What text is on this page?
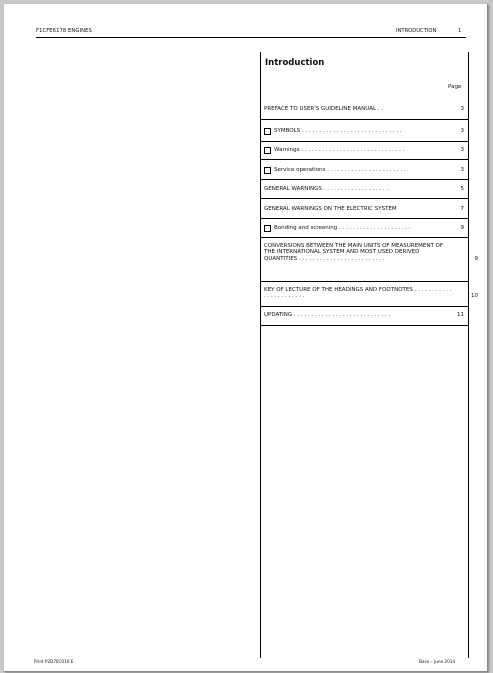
F1CFE6178 ENGINES	INTRODUCTION	1
Introduction
Page
PREFACE TO USER'S GUIDELINE MANUAL . .	3
SYMBOLS . . . . . . . . . . . . . . . . . . . . . . . . . . . . .	3
Warnings . . . . . . . . . . . . . . . . . . . . . . . . . . . . . .	3
Service operations . . . . . . . . . . . . . . . . . . . . . . .	3
GENERAL WARNINGS . . . . . . . . . . . . . . . . . . .	5
GENERAL WARNINGS ON THE ELECTRIC SYSTEM	7
Bonding and screening . . . . . . . . . . . . . . . . . . . . .	9
CONVERSIONS BETWEEN THE MAIN UNITS OF MEASUREMENT OF THE INTERNATIONAL SYSTEM AND MOST USED DERIVED QUANTITIES . . . . . . . . . . . . . . . . . . . . . . . . .	9
KEY OF LECTURE OF THE HEADINGS AND FOOTNOTES . . . . . . . . . . . . . . . . . . . . . . .	10
UPDATING . . . . . . . . . . . . . . . . . . . . . . . . . . . .	11
Print P2D7IIC010 E	Base – June 2014
